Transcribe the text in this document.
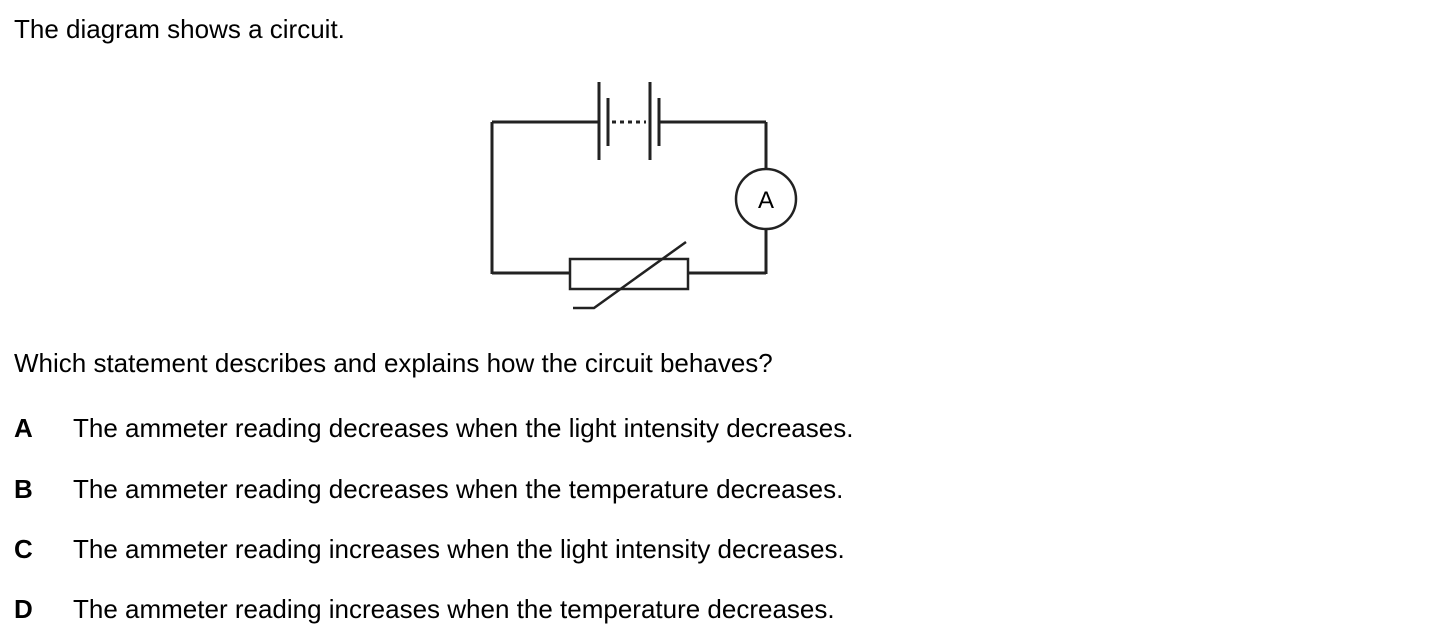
The diagram shows a circuit.
A
Which statement describes and explains how the circuit behaves?
A The ammeter reading decreases when the light intensity decreases.
B The ammeter reading decreases when the temperature decreases.
C The ammeter reading increases when the light intensity decreases.
D The ammeter reading increases when the temperature decreases.
